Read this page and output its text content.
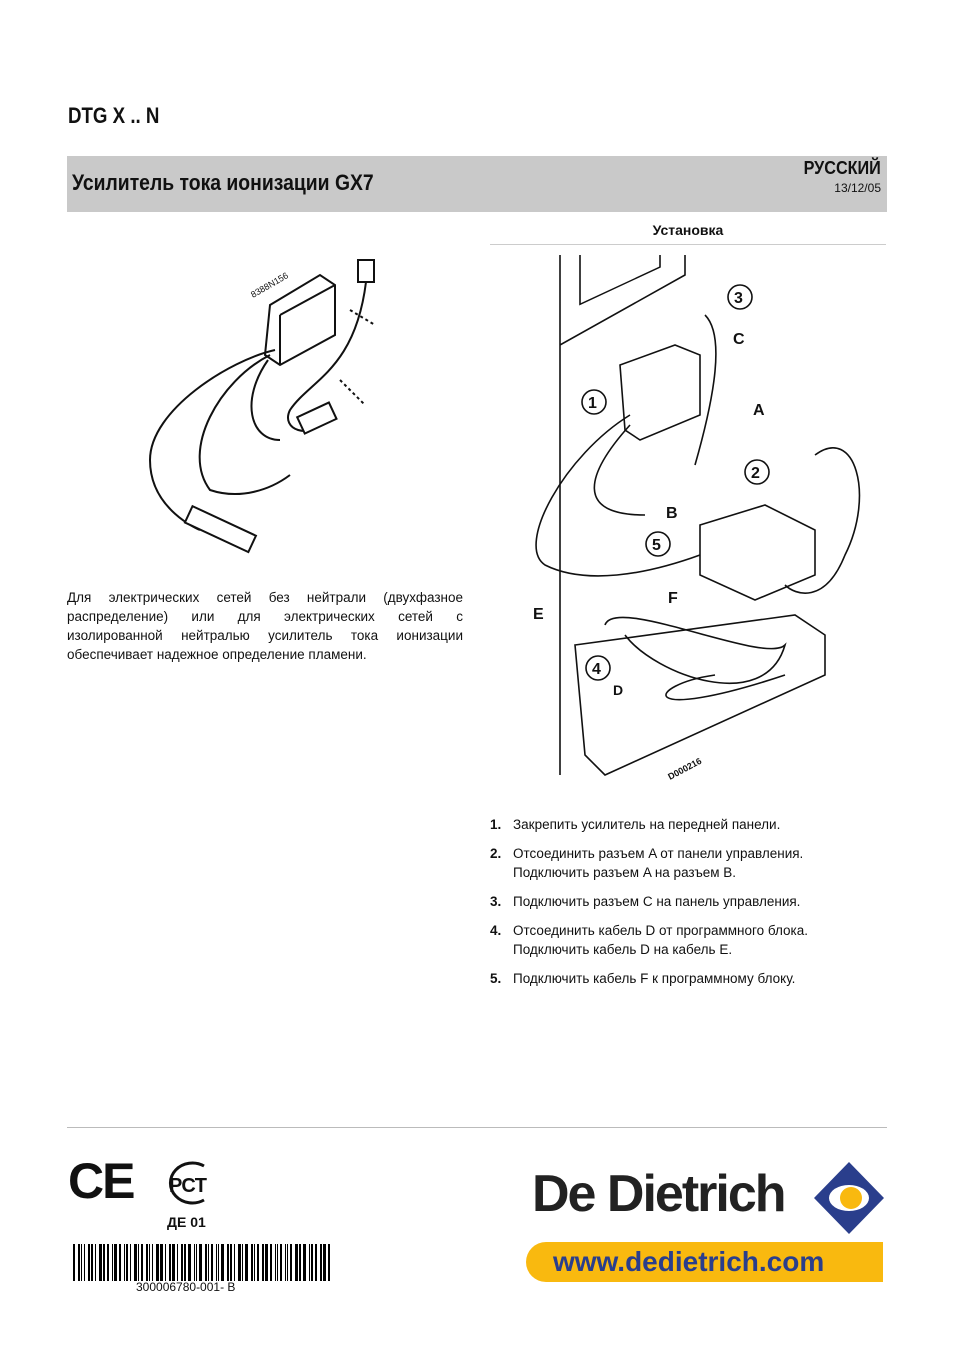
DTG X .. N
Усилитель тока ионизации GX7
РУССКИЙ
13/12/05
Установка
8388N156
A
B
C
D
E
F
D000216
1
2
3
4
5
Для электрических сетей без нейтрали (двухфазное распределение) или для электрических сетей с изолированной нейтралью усилитель тока ионизации обеспечивает надежное определение пламени.
1. Закрепить усилитель на передней панели.
2. Отсоединить разъем A от панели управления.
Подключить разъем A на разъем B.
3. Подключить разъем C на панель управления.
4. Отсоединить кабель D от программного блока.
Подключить кабель D на кабель E.
5. Подключить кабель F к программному блоку.
CE PCT
ДЕ 01
300006780-001- B
De Dietrich
www.dedietrich.com
